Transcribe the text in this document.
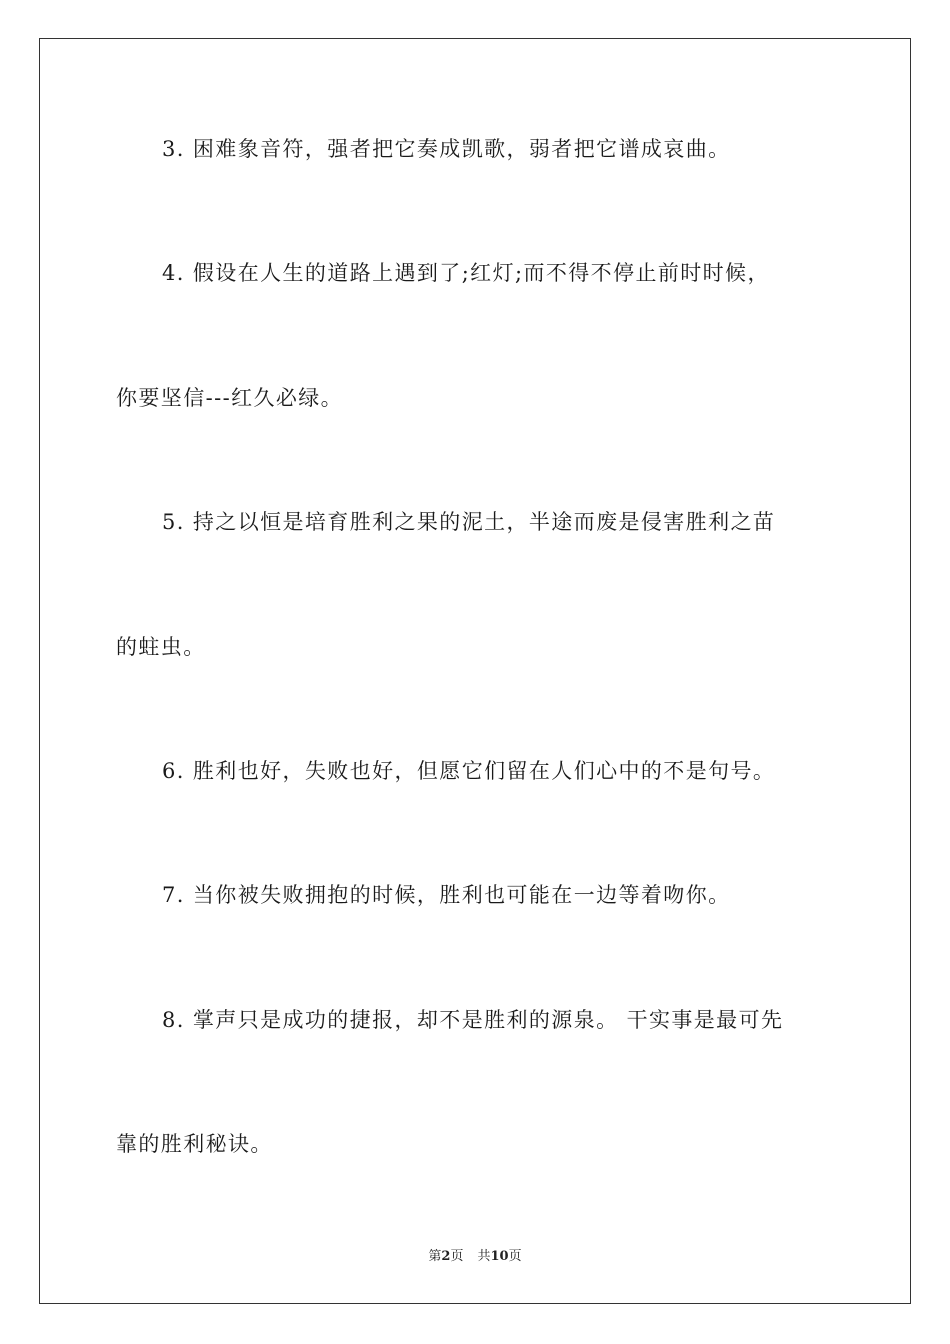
3. 困难象音符，强者把它奏成凯歌，弱者把它谱成哀曲。
4. 假设在人生的道路上遇到了;红灯;而不得不停止前时时候，
你要坚信---红久必绿。
5. 持之以恒是培育胜利之果的泥土，半途而废是侵害胜利之苗
的蛀虫。
6. 胜利也好，失败也好，但愿它们留在人们心中的不是句号。
7. 当你被失败拥抱的时候，胜利也可能在一边等着吻你。
8. 掌声只是成功的捷报，却不是胜利的源泉。 干实事是最可先
靠的胜利秘诀。
第2页 共10页
